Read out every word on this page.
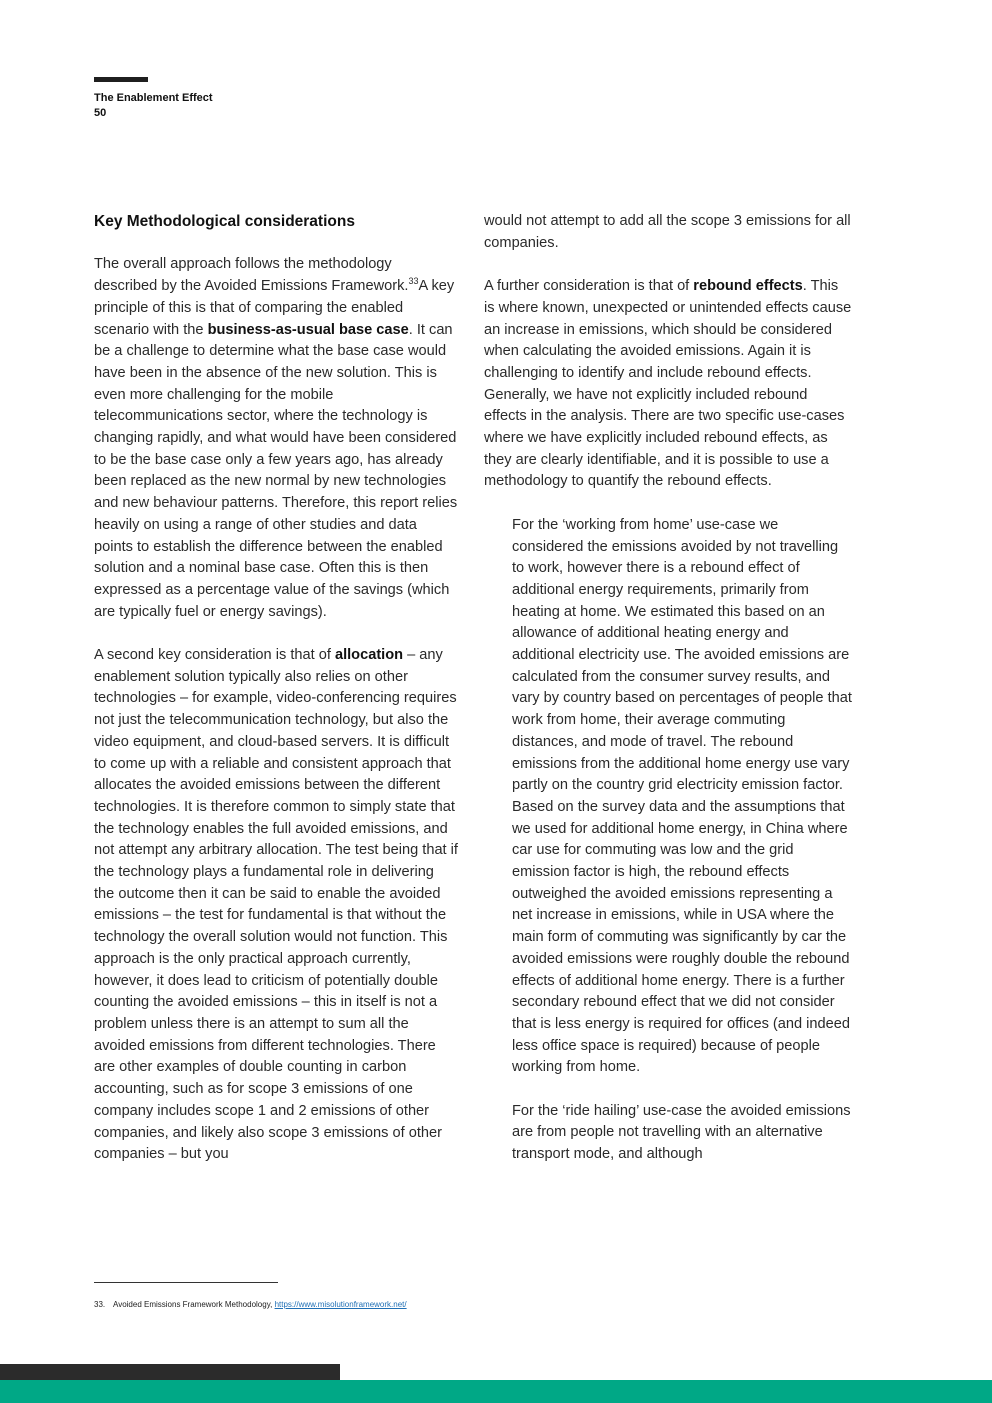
The Enablement Effect
50

Key Methodological considerations

The overall approach follows the methodology described by the Avoided Emissions Framework.$^{33}$A key principle of this is that of comparing the enabled scenario with the business-as-usual base case. It can be a challenge to determine what the base case would have been in the absence of the new solution. This is even more challenging for the mobile telecommunications sector, where the technology is changing rapidly, and what would have been considered to be the base case only a few years ago, has already been replaced as the new normal by new technologies and new behaviour patterns. Therefore, this report relies heavily on using a range of other studies and data points to establish the difference between the enabled solution and a nominal base case. Often this is then expressed as a percentage value of the savings (which are typically fuel or energy savings).

A second key consideration is that of allocation – any enablement solution typically also relies on other technologies – for example, video-conferencing requires not just the telecommunication technology, but also the video equipment, and cloud-based servers. It is difficult to come up with a reliable and consistent approach that allocates the avoided emissions between the different technologies. It is therefore common to simply state that the technology enables the full avoided emissions, and not attempt any arbitrary allocation. The test being that if the technology plays a fundamental role in delivering the outcome then it can be said to enable the avoided emissions – the test for fundamental is that without the technology the overall solution would not function. This approach is the only practical approach currently, however, it does lead to criticism of potentially double counting the avoided emissions – this in itself is not a problem unless there is an attempt to sum all the avoided emissions from different technologies. There are other examples of double counting in carbon accounting, such as for scope 3 emissions of one company includes scope 1 and 2 emissions of other companies, and likely also scope 3 emissions of other companies – but you

would not attempt to add all the scope 3 emissions for all companies.

A further consideration is that of rebound effects. This is where known, unexpected or unintended effects cause an increase in emissions, which should be considered when calculating the avoided emissions. Again it is challenging to identify and include rebound effects. Generally, we have not explicitly included rebound effects in the analysis. There are two specific use-cases where we have explicitly included rebound effects, as they are clearly identifiable, and it is possible to use a methodology to quantify the rebound effects.

For the ‘working from home’ use-case we considered the emissions avoided by not travelling to work, however there is a rebound effect of additional energy requirements, primarily from heating at home. We estimated this based on an allowance of additional heating energy and additional electricity use. The avoided emissions are calculated from the consumer survey results, and vary by country based on percentages of people that work from home, their average commuting distances, and mode of travel. The rebound emissions from the additional home energy use vary partly on the country grid electricity emission factor. Based on the survey data and the assumptions that we used for additional home energy, in China where car use for commuting was low and the grid emission factor is high, the rebound effects outweighed the avoided emissions representing a net increase in emissions, while in USA where the main form of commuting was significantly by car the avoided emissions were roughly double the rebound effects of additional home energy. There is a further secondary rebound effect that we did not consider that is less energy is required for offices (and indeed less office space is required) because of people working from home.

For the ‘ride hailing’ use-case the avoided emissions are from people not travelling with an alternative transport mode, and although

33. Avoided Emissions Framework Methodology, https://www.misolutionframework.net/
